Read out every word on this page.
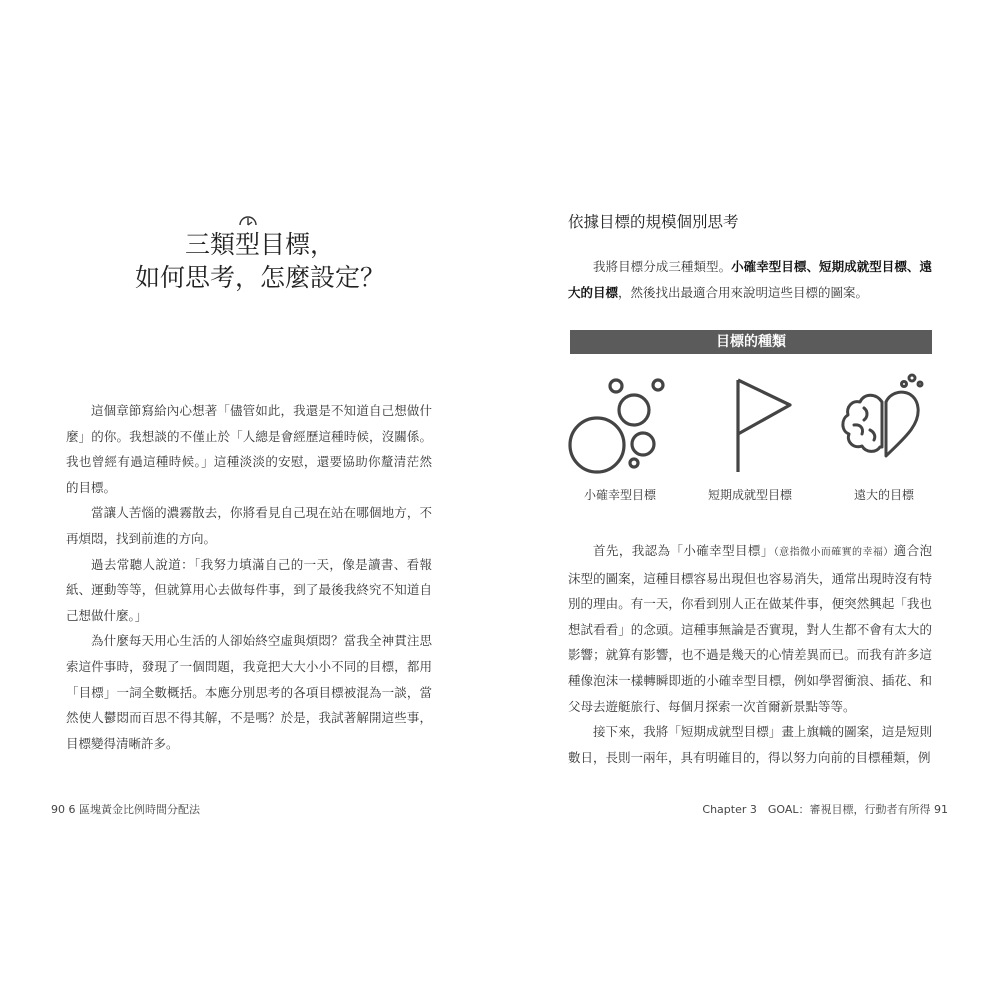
三類型目標，
如何思考，怎麼設定？

這個章節寫給內心想著「儘管如此，我還是不知道自己想做什麼」的你。我想談的不僅止於「人總是會經歷這種時候，沒關係。我也曾經有過這種時候。」這種淡淡的安慰，還要協助你釐清茫然的目標。

當讓人苦惱的濃霧散去，你將看見自己現在站在哪個地方，不再煩悶，找到前進的方向。

過去常聽人說道：「我努力填滿自己的一天，像是讀書、看報紙、運動等等，但就算用心去做每件事，到了最後我終究不知道自己想做什麼。」

為什麼每天用心生活的人卻始終空虛與煩悶？當我全神貫注思索這件事時，發現了一個問題，我竟把大大小小不同的目標，都用「目標」一詞全數概括。本應分別思考的各項目標被混為一談，當然使人鬱悶而百思不得其解，不是嗎？於是，我試著解開這些事，目標變得清晰許多。

90 6 區塊黃金比例時間分配法
依據目標的規模個別思考

我將目標分成三種類型。小確幸型目標、短期成就型目標、遠大的目標，然後找出最適合用來說明這些目標的圖案。

目標的種類
小確幸型目標	短期成就型目標	遠大的目標

首先，我認為「小確幸型目標」（意指微小而確實的幸福）適合泡沫型的圖案，這種目標容易出現但也容易消失，通常出現時沒有特別的理由。有一天，你看到別人正在做某件事，便突然興起「我也想試看看」的念頭。這種事無論是否實現，對人生都不會有太大的影響；就算有影響，也不過是幾天的心情差異而已。而我有許多這種像泡沫一樣轉瞬即逝的小確幸型目標，例如學習衝浪、插花、和父母去遊艇旅行、每個月探索一次首爾新景點等等。

接下來，我將「短期成就型目標」畫上旗幟的圖案，這是短則數日，長則一兩年，具有明確目的，得以努力向前的目標種類，例

Chapter 3　GOAL：審視目標，行動者有所得 91
